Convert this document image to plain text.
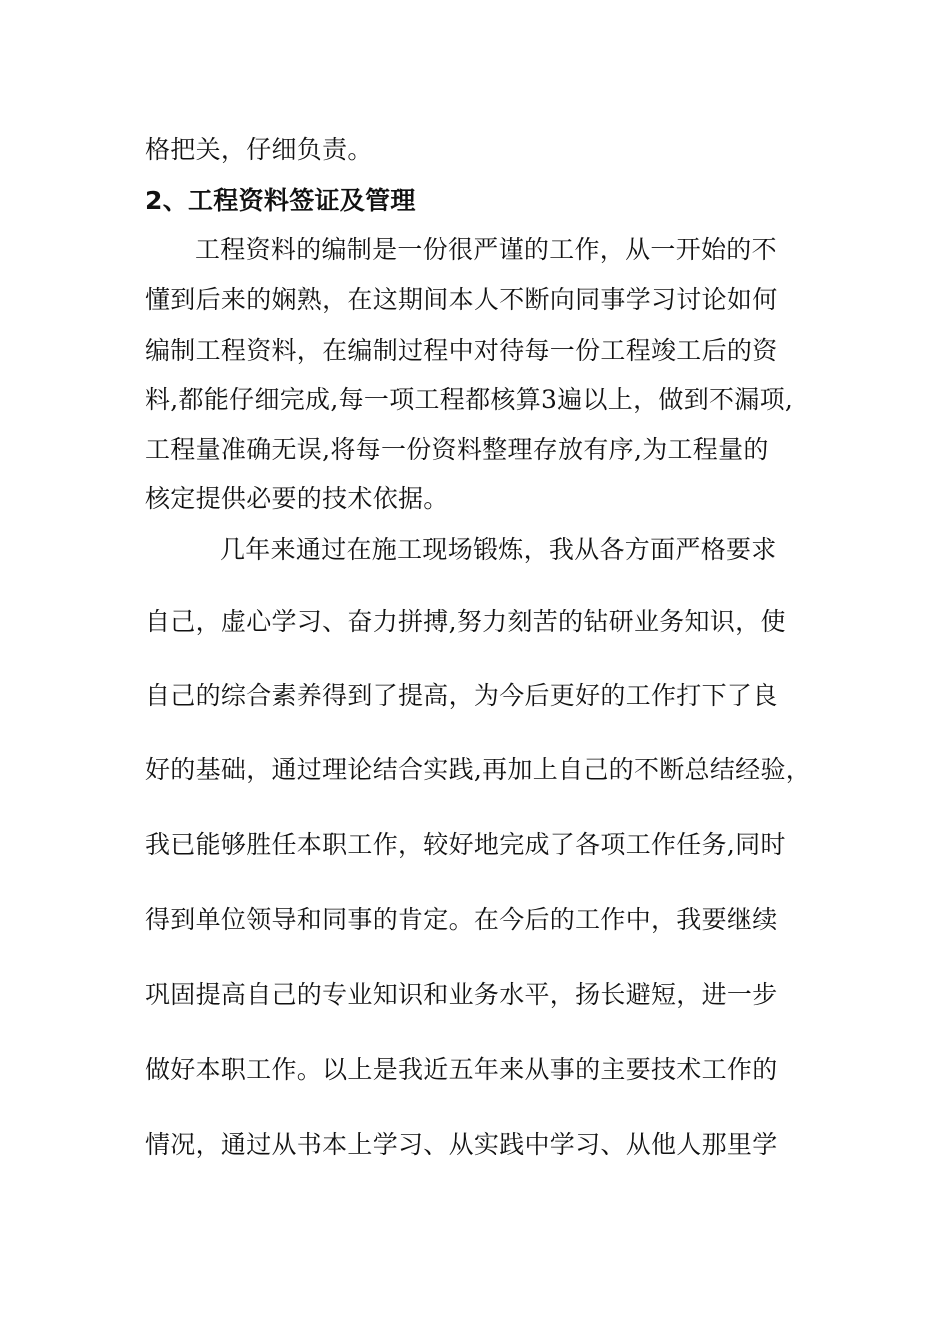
格把关，仔细负责。
2、工程资料签证及管理
工程资料的编制是一份很严谨的工作，从一开始的不
懂到后来的娴熟，在这期间本人不断向同事学习讨论如何
编制工程资料，在编制过程中对待每一份工程竣工后的资
料,都能仔细完成,每一项工程都核算3遍以上，做到不漏项,
工程量准确无误,将每一份资料整理存放有序,为工程量的
核定提供必要的技术依据。
几年来通过在施工现场锻炼，我从各方面严格要求
自己，虚心学习、奋力拼搏,努力刻苦的钻研业务知识，使
自己的综合素养得到了提高，为今后更好的工作打下了良
好的基础，通过理论结合实践,再加上自己的不断总结经验，
我已能够胜任本职工作，较好地完成了各项工作任务,同时
得到单位领导和同事的肯定。在今后的工作中，我要继续
巩固提高自己的专业知识和业务水平，扬长避短，进一步
做好本职工作。以上是我近五年来从事的主要技术工作的
情况，通过从书本上学习、从实践中学习、从他人那里学
